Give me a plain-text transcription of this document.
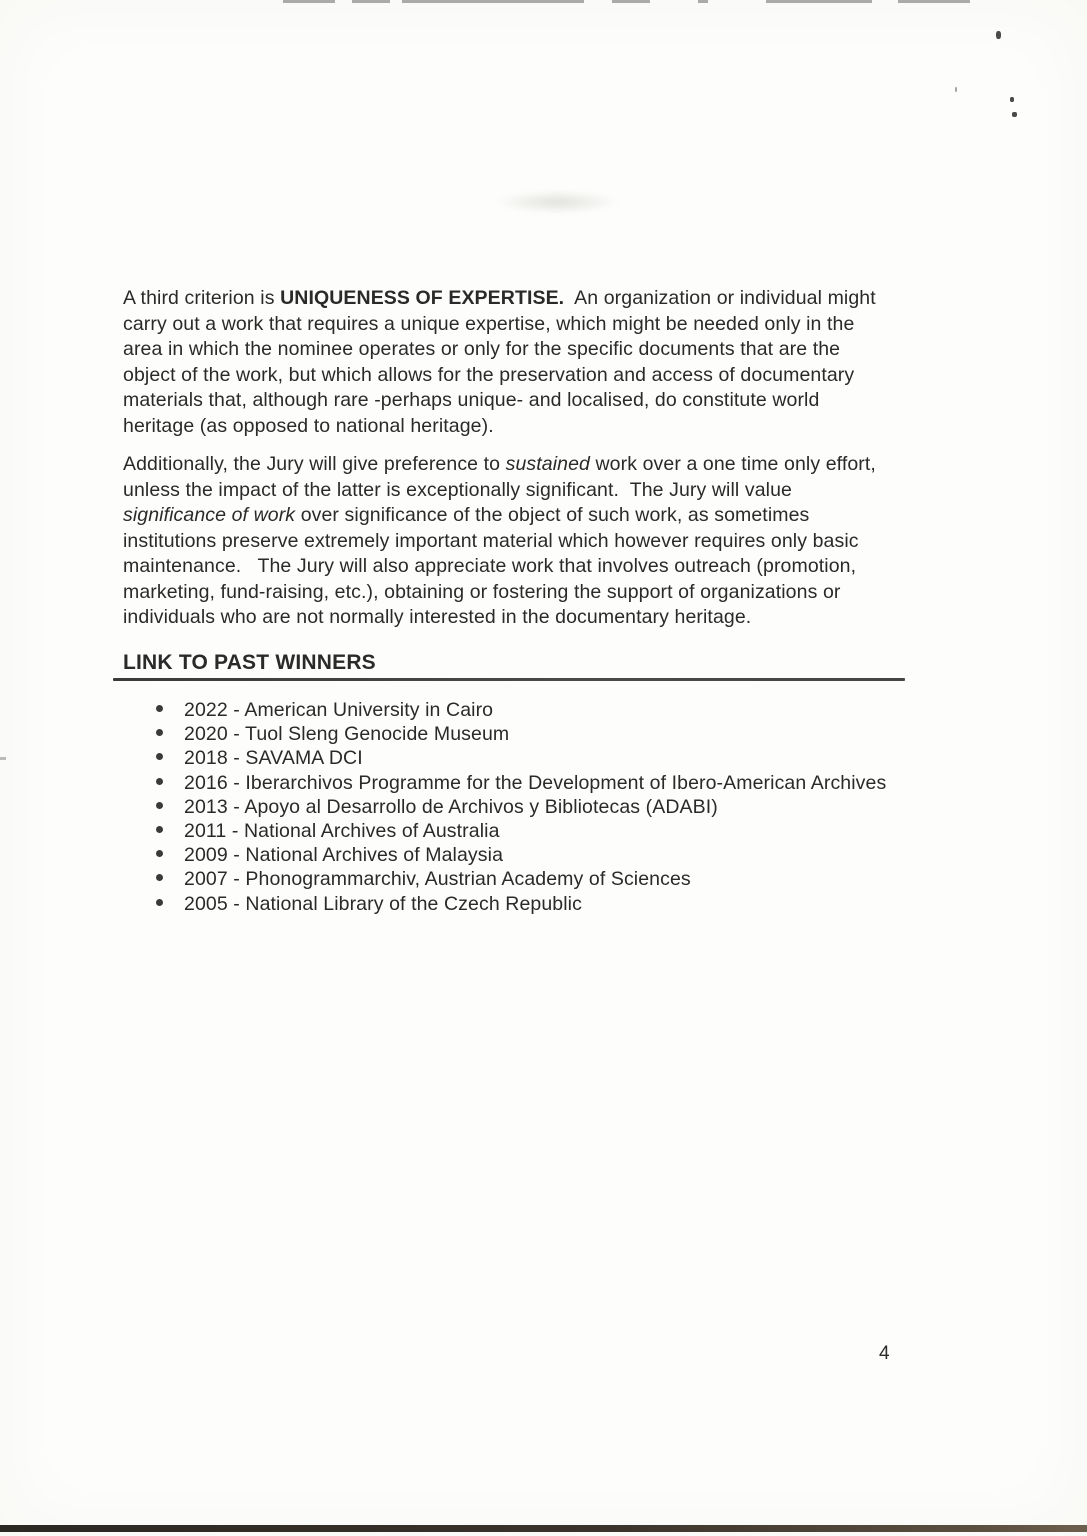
A third criterion is UNIQUENESS OF EXPERTISE.  An organization or individual might
carry out a work that requires a unique expertise, which might be needed only in the
area in which the nominee operates or only for the specific documents that are the
object of the work, but which allows for the preservation and access of documentary
materials that, although rare -perhaps unique- and localised, do constitute world
heritage (as opposed to national heritage).
Additionally, the Jury will give preference to sustained work over a one time only effort,
unless the impact of the latter is exceptionally significant.  The Jury will value
significance of work over significance of the object of such work, as sometimes
institutions preserve extremely important material which however requires only basic
maintenance.   The Jury will also appreciate work that involves outreach (promotion,
marketing, fund-raising, etc.), obtaining or fostering the support of organizations or
individuals who are not normally interested in the documentary heritage.
LINK TO PAST WINNERS
2022 - American University in Cairo
2020 - Tuol Sleng Genocide Museum
2018 - SAVAMA DCI
2016 - Iberarchivos Programme for the Development of Ibero-American Archives
2013 - Apoyo al Desarrollo de Archivos y Bibliotecas (ADABI)
2011 - National Archives of Australia
2009 - National Archives of Malaysia
2007 - Phonogrammarchiv, Austrian Academy of Sciences
2005 - National Library of the Czech Republic
4
